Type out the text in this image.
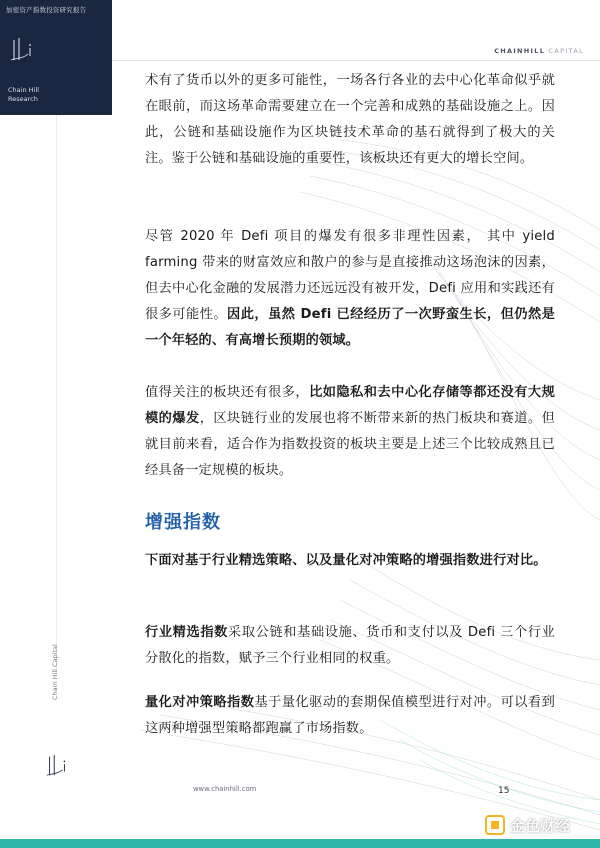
加密资产指数投资研究报告
Chain Hill
Research
CHAINHILL CAPITAL
Chain Hill Capital

术有了货币以外的更多可能性，一场各行各业的去中心化革命似乎就在眼前，而这场革命需要建立在一个完善和成熟的基础设施之上。因此，公链和基础设施作为区块链技术革命的基石就得到了极大的关注。鉴于公链和基础设施的重要性，该板块还有更大的增长空间。

尽管 2020 年 Defi 项目的爆发有很多非理性因素， 其中 yield farming 带来的财富效应和散户的参与是直接推动这场泡沫的因素， 但去中心化金融的发展潜力还远远没有被开发，Defi 应用和实践还有很多可能性。因此，虽然 Defi 已经经历了一次野蛮生长，但仍然是一个年轻的、有高增长预期的领域。

值得关注的板块还有很多，比如隐私和去中心化存储等都还没有大规模的爆发，区块链行业的发展也将不断带来新的热门板块和赛道。但就目前来看，适合作为指数投资的板块主要是上述三个比较成熟且已经具备一定规模的板块。

增强指数

下面对基于行业精选策略、以及量化对冲策略的增强指数进行对比。

行业精选指数采取公链和基础设施、货币和支付以及 Defi 三个行业分散化的指数，赋予三个行业相同的权重。

量化对冲策略指数基于量化驱动的套期保值模型进行对冲。可以看到这两种增强型策略都跑赢了市场指数。

www.chainhill.com	15
金色财经
